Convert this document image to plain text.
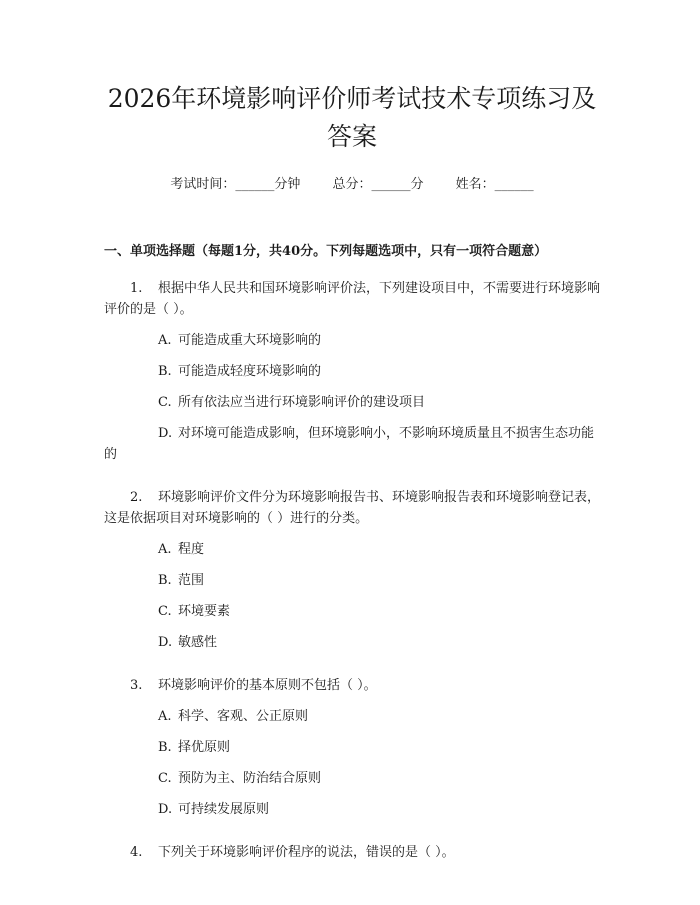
2026年环境影响评价师考试技术专项练习及
答案
考试时间：______分钟 总分：______分 姓名：______
一、单项选择题（每题1分，共40分。下列每题选项中，只有一项符合题意）
1. 根据中华人民共和国环境影响评价法，下列建设项目中，不需要进行环境影响评价的是（ ）。
A. 可能造成重大环境影响的
B. 可能造成轻度环境影响的
C. 所有依法应当进行环境影响评价的建设项目
D. 对环境可能造成影响，但环境影响小，不影响环境质量且不损害生态功能的
2. 环境影响评价文件分为环境影响报告书、环境影响报告表和环境影响登记表，这是依据项目对环境影响的（ ）进行的分类。
A. 程度
B. 范围
C. 环境要素
D. 敏感性
3. 环境影响评价的基本原则不包括（ ）。
A. 科学、客观、公正原则
B. 择优原则
C. 预防为主、防治结合原则
D. 可持续发展原则
4. 下列关于环境影响评价程序的说法，错误的是（ ）。
